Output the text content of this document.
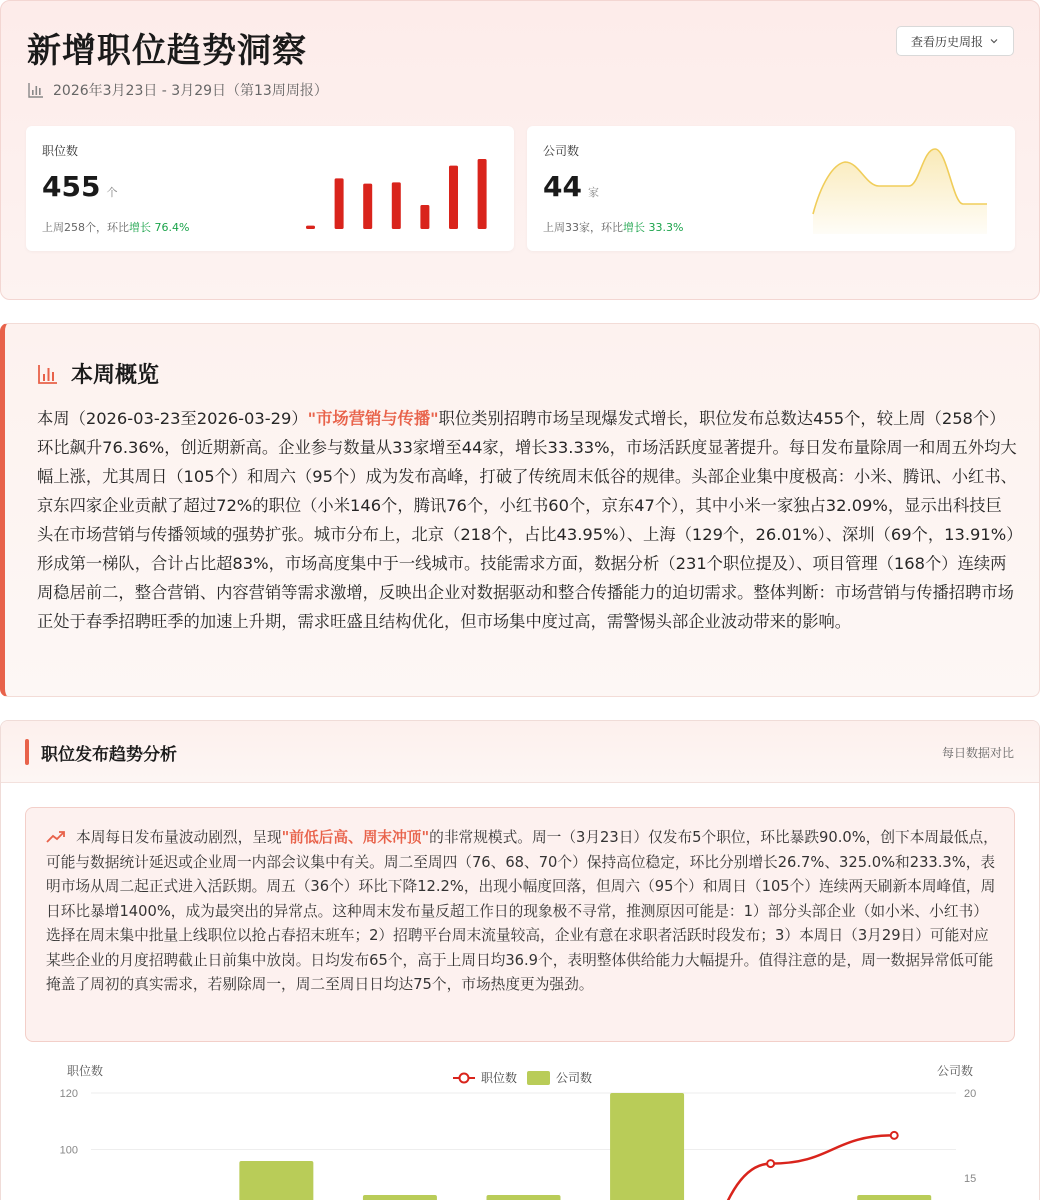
新增职位趋势洞察
2026年3月23日 - 3月29日（第13周周报）
查看历史周报
职位数
455 个
上周258个，环比增长 76.4%
公司数
44 家
上周33家，环比增长 33.3%
本周概览
本周（2026-03-23至2026-03-29）"市场营销与传播"职位类别招聘市场呈现爆发式增长，职位发布总数达455个，较上周（258个）环比飙升76.36%，创近期新高。企业参与数量从33家增至44家，增长33.33%，市场活跃度显著提升。每日发布量除周一和周五外均大幅上涨，尤其周日（105个）和周六（95个）成为发布高峰，打破了传统周末低谷的规律。头部企业集中度极高：小米、腾讯、小红书、京东四家企业贡献了超过72%的职位（小米146个，腾讯76个，小红书60个，京东47个），其中小米一家独占32.09%，显示出科技巨头在市场营销与传播领域的强势扩张。城市分布上，北京（218个，占比43.95%）、上海（129个，26.01%）、深圳（69个，13.91%）形成第一梯队，合计占比超83%，市场高度集中于一线城市。技能需求方面，数据分析（231个职位提及）、项目管理（168个）连续两周稳居前二，整合营销、内容营销等需求激增，反映出企业对数据驱动和整合传播能力的迫切需求。整体判断：市场营销与传播招聘市场正处于春季招聘旺季的加速上升期，需求旺盛且结构优化，但市场集中度过高，需警惕头部企业波动带来的影响。
职位发布趋势分析	每日数据对比
本周每日发布量波动剧烈，呈现"前低后高、周末冲顶"的非常规模式。周一（3月23日）仅发布5个职位，环比暴跌90.0%，创下本周最低点，可能与数据统计延迟或企业周一内部会议集中有关。周二至周四（76、68、70个）保持高位稳定，环比分别增长26.7%、325.0%和233.3%，表明市场从周二起正式进入活跃期。周五（36个）环比下降12.2%，出现小幅度回落，但周六（95个）和周日（105个）连续两天刷新本周峰值，周日环比暴增1400%，成为最突出的异常点。这种周末发布量反超工作日的现象极不寻常，推测原因可能是：1）部分头部企业（如小米、小红书）选择在周末集中批量上线职位以抢占春招末班车；2）招聘平台周末流量较高，企业有意在求职者活跃时段发布；3）本周日（3月29日）可能对应某些企业的月度招聘截止日前集中放岗。日均发布65个，高于上周日均36.9个，表明整体供给能力大幅提升。值得注意的是，周一数据异常低可能掩盖了周初的真实需求，若剔除周一，周二至周日日均达75个，市场热度更为强劲。
职位数	公司数
120
100
20
15
职位数	公司数
